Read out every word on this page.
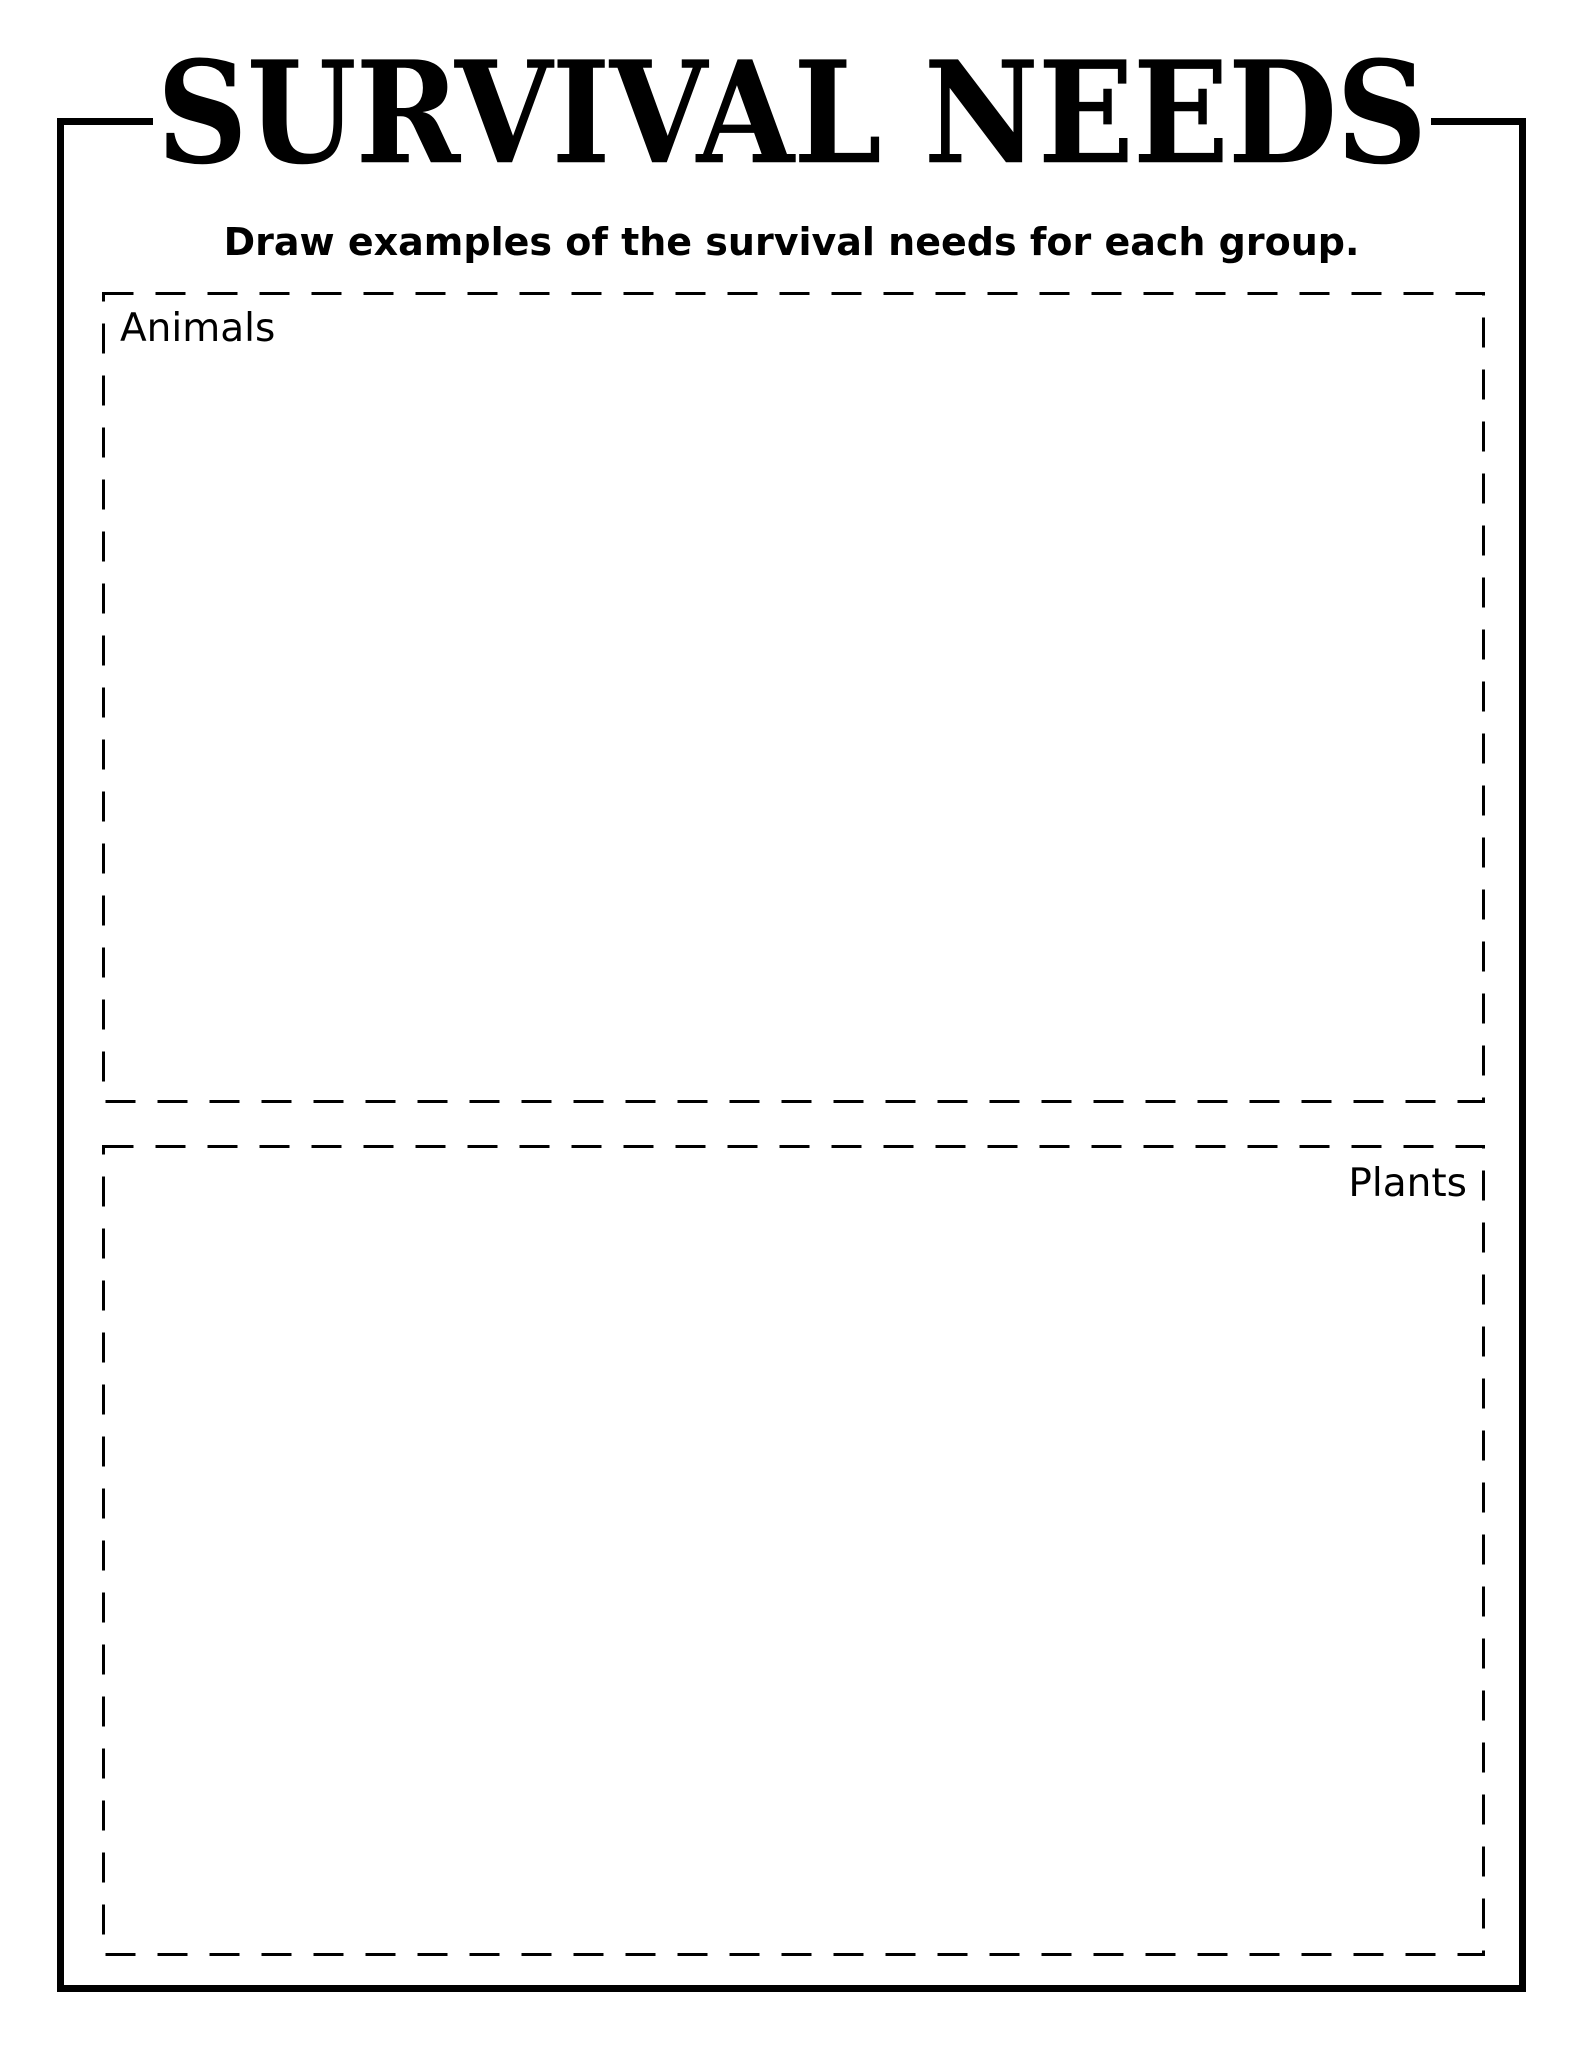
SURVIVAL NEEDS
Draw examples of the survival needs for each group.
Animals
Plants
